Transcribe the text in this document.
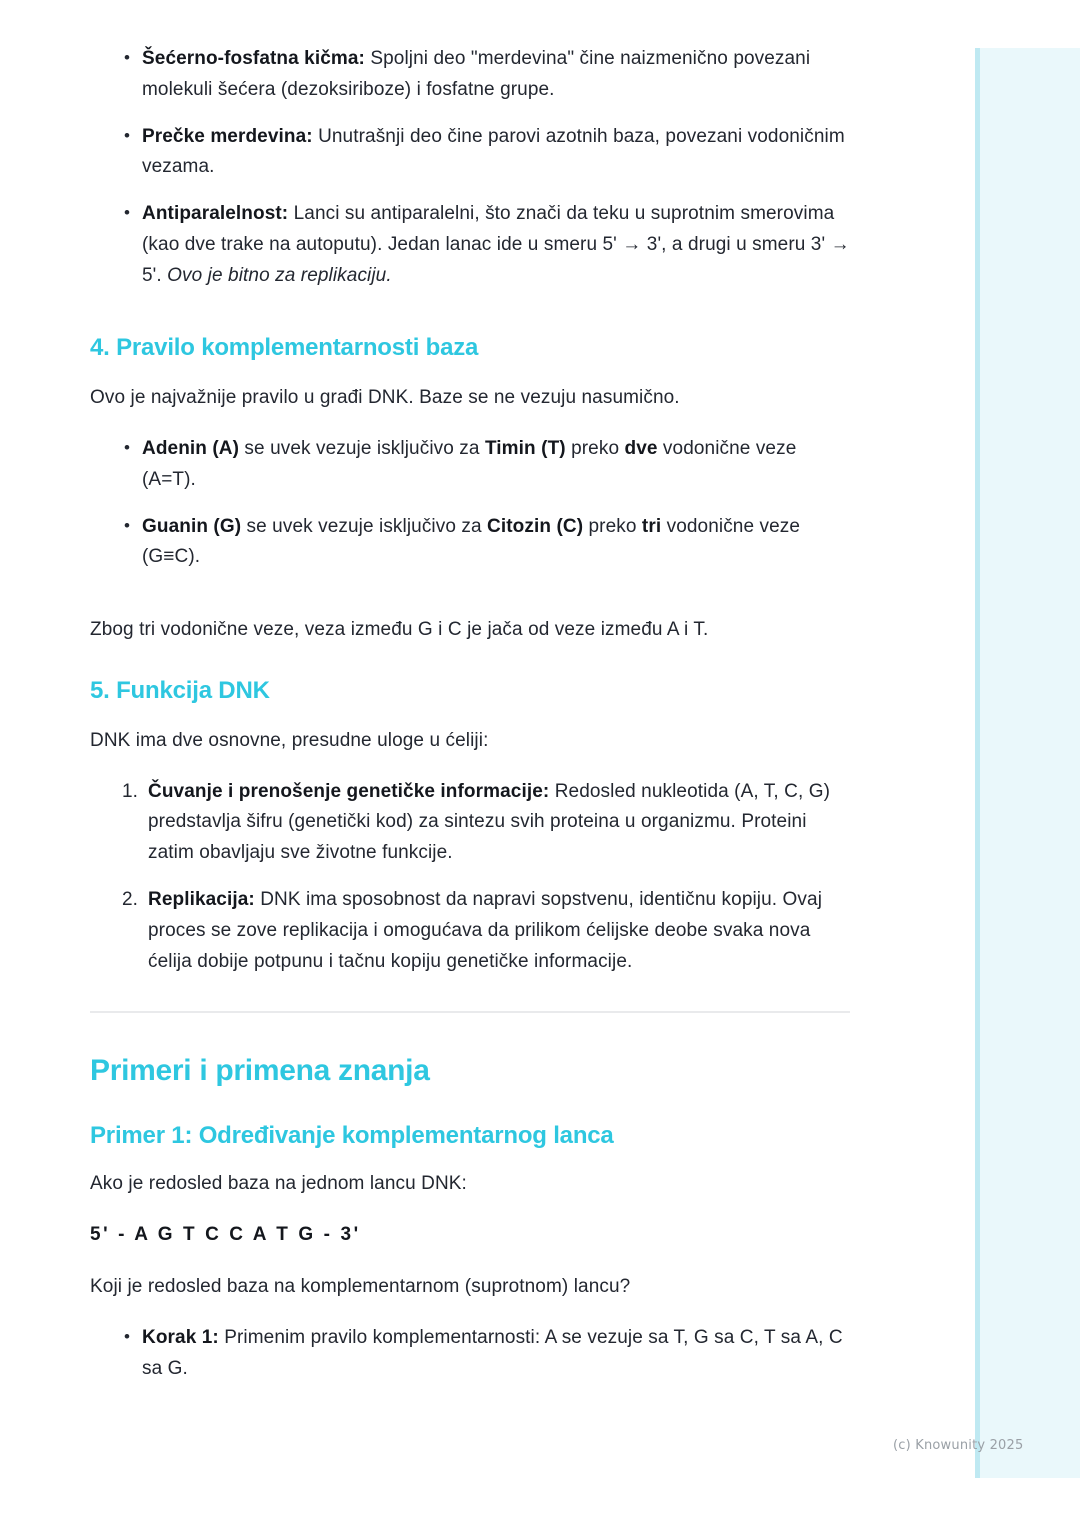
• Šećerno-fosfatna kičma: Spoljni deo "merdevina" čine naizmenično povezani molekuli šećera (dezoksiriboze) i fosfatne grupe.
• Prečke merdevina: Unutrašnji deo čine parovi azotnih baza, povezani vodoničnim vezama.
• Antiparalelnost: Lanci su antiparalelni, što znači da teku u suprotnim smerovima (kao dve trake na autoputu). Jedan lanac ide u smeru 5' → 3', a drugi u smeru 3' → 5'. Ovo je bitno za replikaciju.
4. Pravilo komplementarnosti baza

Ovo je najvažnije pravilo u građi DNK. Baze se ne vezuju nasumično.

• Adenin (A) se uvek vezuje isključivo za Timin (T) preko dve vodonične veze (A=T).
• Guanin (G) se uvek vezuje isključivo za Citozin (C) preko tri vodonične veze (G≡C).

Zbog tri vodonične veze, veza između G i C je jača od veze između A i T.

5. Funkcija DNK

DNK ima dve osnovne, presudne uloge u ćeliji:

Čuvanje i prenošenje genetičke informacije: Redosled nukleotida (A, T, C, G) predstavlja šifru (genetički kod) za sintezu svih proteina u organizmu. Proteini zatim obavljaju sve životne funkcije.
Replikacija: DNK ima sposobnost da napravi sopstvenu, identičnu kopiju. Ovaj proces se zove replikacija i omogućava da prilikom ćelijske deobe svaka nova ćelija dobije potpunu i tačnu kopiju genetičke informacije.
Primeri i primena znanja
Primer 1: Određivanje komplementarnog lanca

Ako je redosled baza na jednom lancu DNK:

5' - A G T C C A T G - 3'

Koji je redosled baza na komplementarnom (suprotnom) lancu?

• Korak 1: Primenim pravilo komplementarnosti: A se vezuje sa T, G sa C, T sa A, C sa G.
(c) Knowunity 2025
